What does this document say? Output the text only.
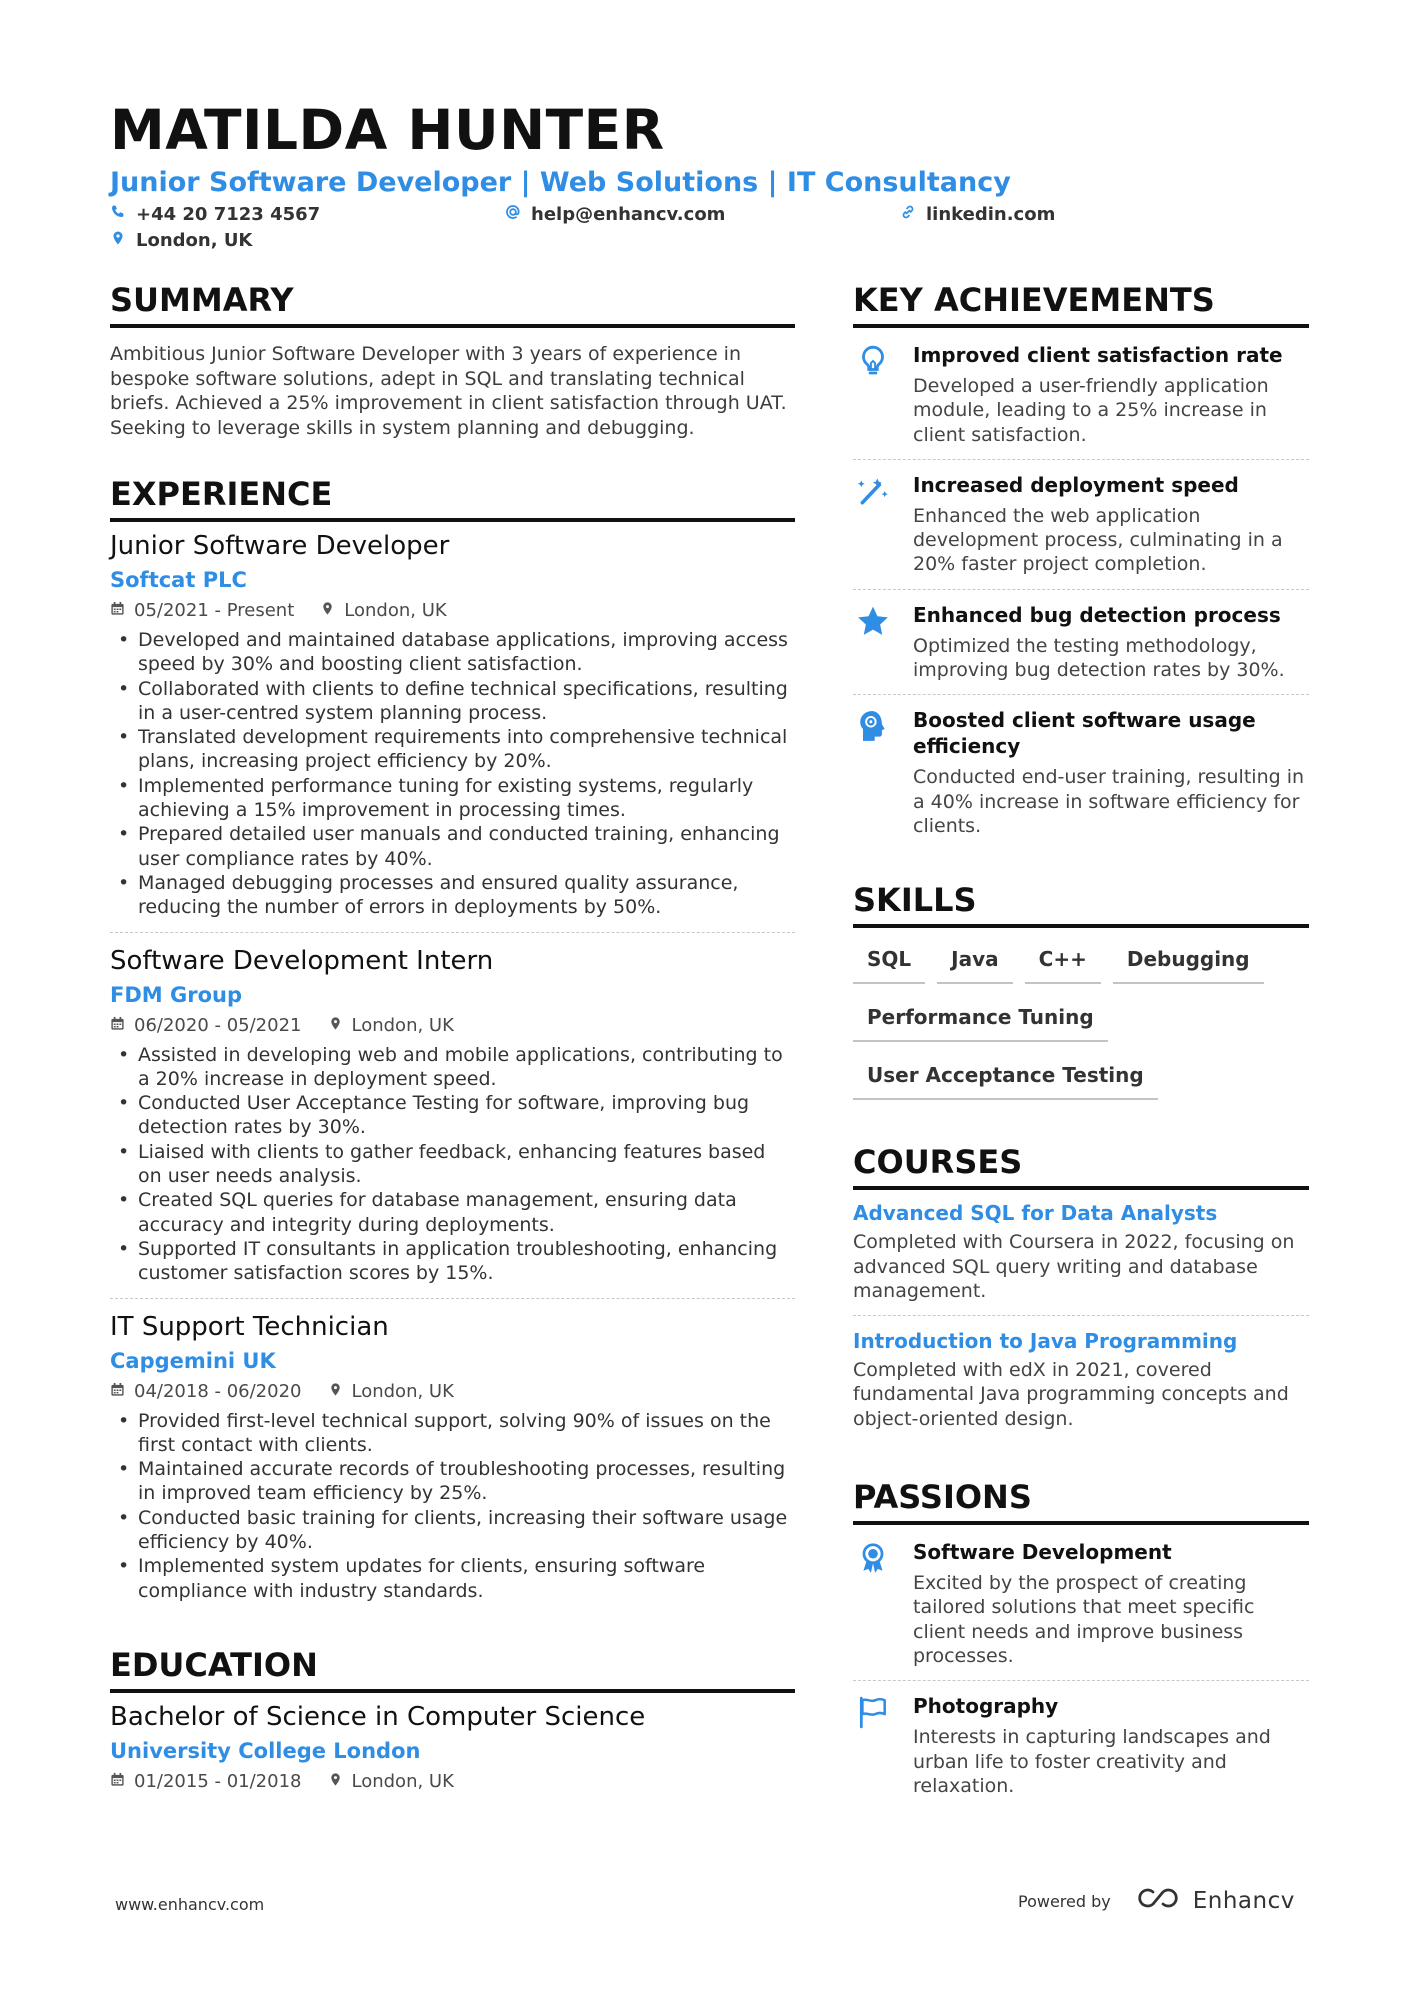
MATILDA HUNTER
Junior Software Developer | Web Solutions | IT Consultancy
+44 20 7123 4567	help@enhancv.com	linkedin.com
London, UK
SUMMARY
Ambitious Junior Software Developer with 3 years of experience in bespoke software solutions, adept in SQL and translating technical briefs. Achieved a 25% improvement in client satisfaction through UAT. Seeking to leverage skills in system planning and debugging.
EXPERIENCE
Junior Software Developer
Softcat PLC
05/2021 - Present	London, UK
• Developed and maintained database applications, improving access speed by 30% and boosting client satisfaction.
• Collaborated with clients to define technical specifications, resulting in a user-centred system planning process.
• Translated development requirements into comprehensive technical plans, increasing project efficiency by 20%.
• Implemented performance tuning for existing systems, regularly achieving a 15% improvement in processing times.
• Prepared detailed user manuals and conducted training, enhancing user compliance rates by 40%.
• Managed debugging processes and ensured quality assurance, reducing the number of errors in deployments by 50%.
Software Development Intern
FDM Group
06/2020 - 05/2021	London, UK
• Assisted in developing web and mobile applications, contributing to a 20% increase in deployment speed.
• Conducted User Acceptance Testing for software, improving bug detection rates by 30%.
• Liaised with clients to gather feedback, enhancing features based on user needs analysis.
• Created SQL queries for database management, ensuring data accuracy and integrity during deployments.
• Supported IT consultants in application troubleshooting, enhancing customer satisfaction scores by 15%.
IT Support Technician
Capgemini UK
04/2018 - 06/2020	London, UK
• Provided first-level technical support, solving 90% of issues on the first contact with clients.
• Maintained accurate records of troubleshooting processes, resulting in improved team efficiency by 25%.
• Conducted basic training for clients, increasing their software usage efficiency by 40%.
• Implemented system updates for clients, ensuring software compliance with industry standards.
EDUCATION
Bachelor of Science in Computer Science
University College London
01/2015 - 01/2018	London, UK
KEY ACHIEVEMENTS
Improved client satisfaction rate
Developed a user-friendly application module, leading to a 25% increase in client satisfaction.
Increased deployment speed
Enhanced the web application development process, culminating in a 20% faster project completion.
Enhanced bug detection process
Optimized the testing methodology, improving bug detection rates by 30%.
Boosted client software usage efficiency
Conducted end-user training, resulting in a 40% increase in software efficiency for clients.
SKILLS
SQL	Java	C++	Debugging
Performance Tuning
User Acceptance Testing
COURSES
Advanced SQL for Data Analysts
Completed with Coursera in 2022, focusing on advanced SQL query writing and database management.
Introduction to Java Programming
Completed with edX in 2021, covered fundamental Java programming concepts and object-oriented design.
PASSIONS
Software Development
Excited by the prospect of creating tailored solutions that meet specific client needs and improve business processes.
Photography
Interests in capturing landscapes and urban life to foster creativity and relaxation.
www.enhancv.com	Powered by	Enhancv
